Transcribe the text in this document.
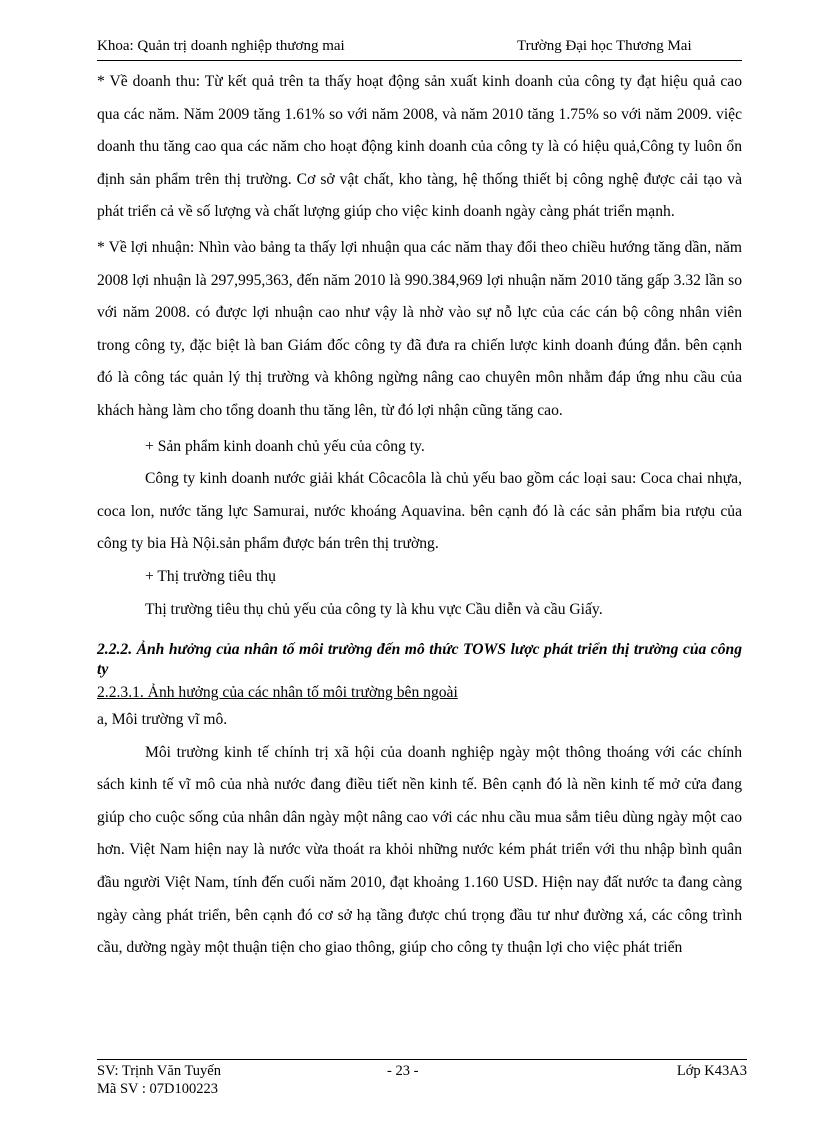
Khoa: Quản trị doanh nghiệp thương mai	Trường Đại học Thương Mai

* Về doanh thu: Từ kết quả trên ta thấy hoạt động sản xuất kinh doanh của công ty đạt hiệu quả cao qua các năm. Năm 2009 tăng 1.61% so với năm 2008, và năm 2010 tăng 1.75% so với năm 2009. việc doanh thu tăng cao qua các năm cho hoạt động kinh doanh của công ty là có hiệu quả,Công ty luôn ổn định sản phẩm trên thị trường. Cơ sở vật chất, kho tàng, hệ thống thiết bị công nghệ được cải tạo và phát triển cả về số lượng và chất lượng giúp cho việc kinh doanh ngày càng phát triển mạnh.

* Về lợi nhuận: Nhìn vào bảng ta thấy lợi nhuận qua các năm thay đổi theo chiều hướng tăng dần, năm 2008 lợi nhuận là 297,995,363, đến năm 2010 là 990.384,969 lợi nhuận năm 2010 tăng gấp 3.32 lần so với năm 2008. có được lợi nhuận cao như vậy là nhờ vào sự nỗ lực của các cán bộ công nhân viên trong công ty, đặc biệt là ban Giám đốc công ty đã đưa ra chiến lược kinh doanh đúng đắn. bên cạnh đó là công tác quản lý thị trường và không ngừng nâng cao chuyên môn nhằm đáp ứng nhu cầu của khách hàng làm cho tổng doanh thu tăng lên, từ đó lợi nhận cũng tăng cao.

+ Sản phẩm kinh doanh chủ yếu của công ty.

Công ty kinh doanh nước giải khát Côcacôla là chủ yếu bao gồm các loại sau: Coca chai nhựa, coca lon, nước tăng lực Samurai, nước khoáng Aquavina. bên cạnh đó là các sản phẩm bia rượu của công ty bia Hà Nội.sản phẩm được bán trên thị trường.

+ Thị trường tiêu thụ

Thị trường tiêu thụ chủ yếu của công ty là khu vực Cầu diễn và cầu Giấy.

2.2.2. Ảnh hưởng của nhân tố môi trường đến mô thức TOWS lược phát triển thị trường của công ty

2.2.3.1. Ảnh hưởng của các nhân tố môi trường bên ngoài

a, Môi trường vĩ mô.

Môi trường kinh tế chính trị xã hội của doanh nghiệp ngày một thông thoáng với các chính sách kinh tế vĩ mô của nhà nước đang điều tiết nền kinh tế. Bên cạnh đó là nền kinh tế mở cửa đang giúp cho cuộc sống của nhân dân ngày một nâng cao với các nhu cầu mua sắm tiêu dùng ngày một cao hơn. Việt Nam hiện nay là nước vừa thoát ra khỏi những nước kém phát triển với thu nhập bình quân đầu người Việt Nam, tính đến cuối năm 2010, đạt khoảng 1.160 USD. Hiện nay đất nước ta đang càng ngày càng phát triển, bên cạnh đó cơ sở hạ tầng được chú trọng đầu tư như đường xá, các công trình cầu, dường ngày một thuận tiện cho giao thông, giúp cho công ty thuận lợi cho việc phát triển

SV: Trịnh Văn Tuyến	- 23 -	Lớp K43A3
Mã SV : 07D100223
